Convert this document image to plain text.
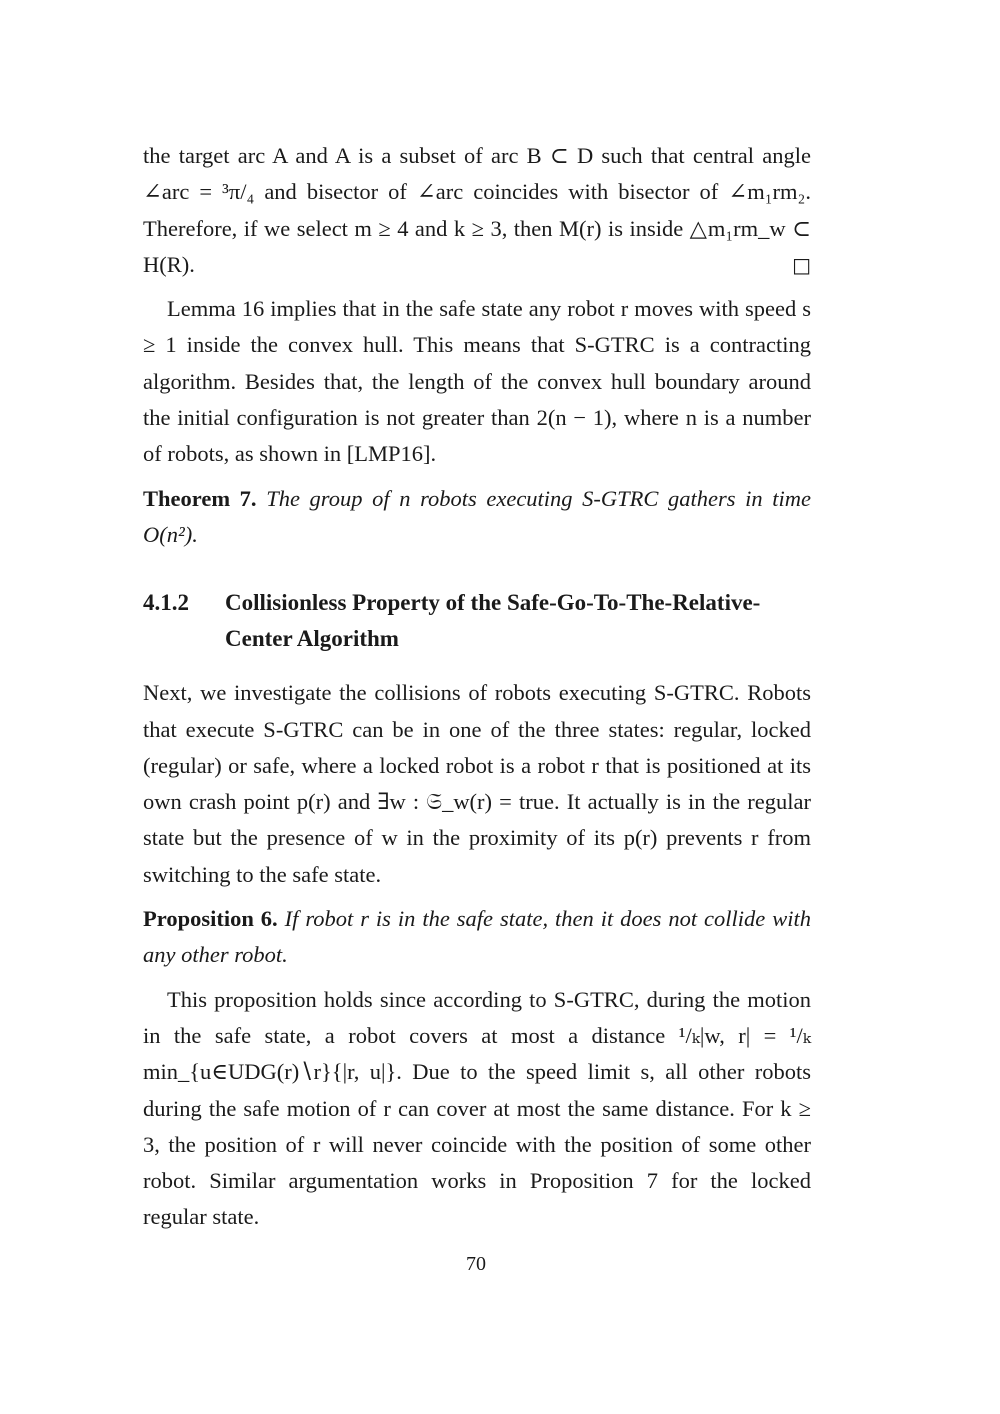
the target arc A and A is a subset of arc B ⊂ D such that central angle ∠arc = ³π/₄ and bisector of ∠arc coincides with bisector of ∠m₁rm₂. Therefore, if we select m ≥ 4 and k ≥ 3, then M(r) is inside △m₁rm_w ⊂ H(R).	□

Lemma 16 implies that in the safe state any robot r moves with speed s ≥ 1 inside the convex hull. This means that S-GTRC is a contracting algorithm. Besides that, the length of the convex hull boundary around the initial configuration is not greater than 2(n − 1), where n is a number of robots, as shown in [LMP16].

Theorem 7. The group of n robots executing S-GTRC gathers in time O(n²).

4.1.2 Collisionless Property of the Safe-Go-To-The-Relative-Center Algorithm

Next, we investigate the collisions of robots executing S-GTRC. Robots that execute S-GTRC can be in one of the three states: regular, locked (regular) or safe, where a locked robot is a robot r that is positioned at its own crash point p(r) and ∃w : 𝔖_w(r) = true. It actually is in the regular state but the presence of w in the proximity of its p(r) prevents r from switching to the safe state.

Proposition 6. If robot r is in the safe state, then it does not collide with any other robot.

This proposition holds since according to S-GTRC, during the motion in the safe state, a robot covers at most a distance ¹/ₖ|w, r| = ¹/ₖ min_{u∈UDG(r)∖r}{|r, u|}. Due to the speed limit s, all other robots during the safe motion of r can cover at most the same distance. For k ≥ 3, the position of r will never coincide with the position of some other robot. Similar argumentation works in Proposition 7 for the locked regular state.

70
